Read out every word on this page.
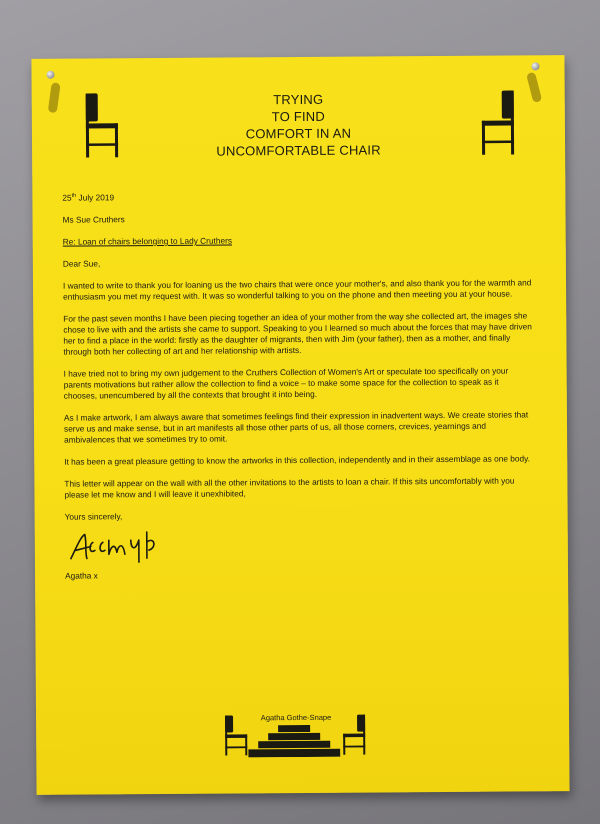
TRYING
TO FIND
COMFORT IN AN
UNCOMFORTABLE CHAIR

25th July 2019

Ms Sue Cruthers

Re: Loan of chairs belonging to Lady Cruthers

Dear Sue,

I wanted to write to thank you for loaning us the two chairs that were once your mother's, and also thank you for the warmth and enthusiasm you met my request with. It was so wonderful talking to you on the phone and then meeting you at your house.

For the past seven months I have been piecing together an idea of your mother from the way she collected art, the images she chose to live with and the artists she came to support. Speaking to you I learned so much about the forces that may have driven her to find a place in the world: firstly as the daughter of migrants, then with Jim (your father), then as a mother, and finally through both her collecting of art and her relationship with artists.

I have tried not to bring my own judgement to the Cruthers Collection of Women's Art or speculate too specifically on your parents motivations but rather allow the collection to find a voice – to make some space for the collection to speak as it chooses, unencumbered by all the contexts that brought it into being.

As I make artwork, I am always aware that sometimes feelings find their expression in inadvertent ways. We create stories that serve us and make sense, but in art manifests all those other parts of us, all those corners, crevices, yearnings and ambivalences that we sometimes try to omit.

It has been a great pleasure getting to know the artworks in this collection, independently and in their assemblage as one body.

This letter will appear on the wall with all the other invitations to the artists to loan a chair. If this sits uncomfortably with you please let me know and I will leave it unexhibited,

Yours sincerely,

Agatha x

Agatha Gothe-Snape
